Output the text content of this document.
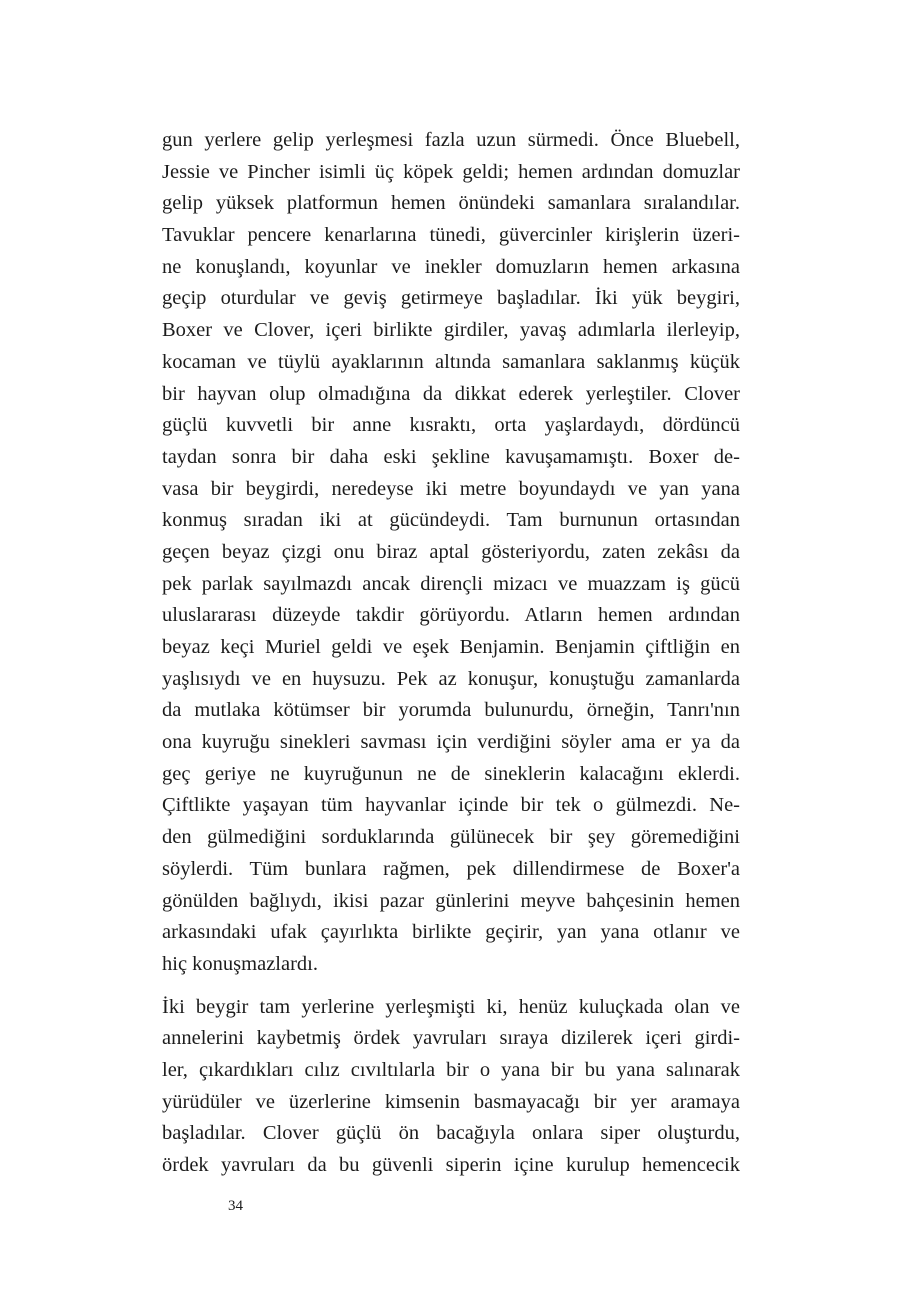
gun yerlere gelip yerleşmesi fazla uzun sürmedi. Önce Bluebell,
Jessie ve Pincher isimli üç köpek geldi; hemen ardından domuzlar
gelip yüksek platformun hemen önündeki samanlara sıralandılar.
Tavuklar pencere kenarlarına tünedi, güvercinler kirişlerin üzeri-
ne konuşlandı, koyunlar ve inekler domuzların hemen arkasına
geçip oturdular ve geviş getirmeye başladılar. İki yük beygiri,
Boxer ve Clover, içeri birlikte girdiler, yavaş adımlarla ilerleyip,
kocaman ve tüylü ayaklarının altında samanlara saklanmış küçük
bir hayvan olup olmadığına da dikkat ederek yerleştiler. Clover
güçlü kuvvetli bir anne kısraktı, orta yaşlardaydı, dördüncü
taydan sonra bir daha eski şekline kavuşamamıştı. Boxer de-
vasa bir beygirdi, neredeyse iki metre boyundaydı ve yan yana
konmuş sıradan iki at gücündeydi. Tam burnunun ortasından
geçen beyaz çizgi onu biraz aptal gösteriyordu, zaten zekâsı da
pek parlak sayılmazdı ancak dirençli mizacı ve muazzam iş gücü
uluslararası düzeyde takdir görüyordu. Atların hemen ardından
beyaz keçi Muriel geldi ve eşek Benjamin. Benjamin çiftliğin en
yaşlısıydı ve en huysuzu. Pek az konuşur, konuştuğu zamanlarda
da mutlaka kötümser bir yorumda bulunurdu, örneğin, Tanrı'nın
ona kuyruğu sinekleri savması için verdiğini söyler ama er ya da
geç geriye ne kuyruğunun ne de sineklerin kalacağını eklerdi.
Çiftlikte yaşayan tüm hayvanlar içinde bir tek o gülmezdi. Ne-
den gülmediğini sorduklarında gülünecek bir şey göremediğini
söylerdi. Tüm bunlara rağmen, pek dillendirmese de Boxer'a
gönülden bağlıydı, ikisi pazar günlerini meyve bahçesinin hemen
arkasındaki ufak çayırlıkta birlikte geçirir, yan yana otlanır ve
hiç konuşmazlardı.

İki beygir tam yerlerine yerleşmişti ki, henüz kuluçkada olan ve
annelerini kaybetmiş ördek yavruları sıraya dizilerek içeri girdi-
ler, çıkardıkları cılız cıvıltılarla bir o yana bir bu yana salınarak
yürüdüler ve üzerlerine kimsenin basmayacağı bir yer aramaya
başladılar. Clover güçlü ön bacağıyla onlara siper oluşturdu,
ördek yavruları da bu güvenli siperin içine kurulup hemencecik

34
